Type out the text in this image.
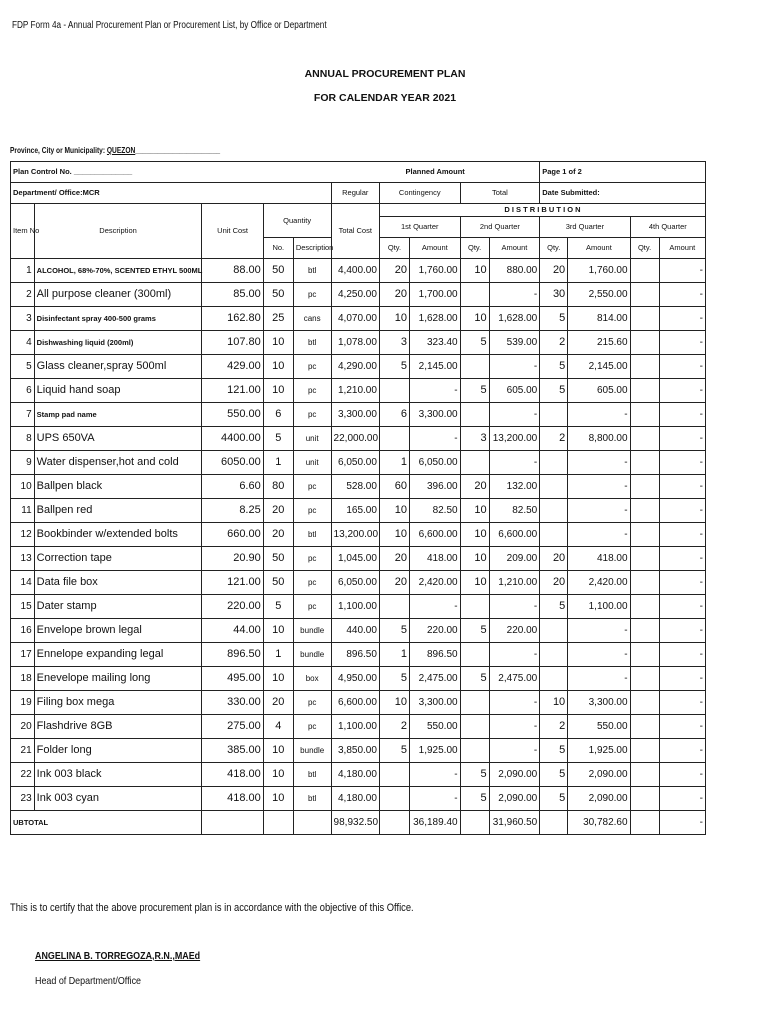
FDP Form 4a - Annual Procurement Plan or Procurement List, by Office or Department
ANNUAL PROCUREMENT PLAN
FOR CALENDAR YEAR 2021
Province, City or Municipality: QUEZON_______________________
Plan Control No. ______________					Planned Amount					Page 1 of 2			
Department/ Office:MCR					Regular	Contingency		Total		Date Submitted:			
Item No	Description	Unit Cost	Quantity		Total Cost	D I S T R I B U T I O N							
						1st Quarter		2nd Quarter		3rd Quarter		4th Quarter	
			No.	Description		Qty.	Amount	Qty.	Amount	Qty.	Amount	Qty.	Amount
1	ALCOHOL, 68%-70%, SCENTED ETHYL 500ML	88.00	50	btl	4,400.00	20	1,760.00	10	880.00	20	1,760.00		-
2	All purpose cleaner (300ml)	85.00	50	pc	4,250.00	20	1,700.00		-	30	2,550.00		-
3	Disinfectant spray 400-500 grams	162.80	25	cans	4,070.00	10	1,628.00	10	1,628.00	5	814.00		-
4	Dishwashing liquid (200ml)	107.80	10	btl	1,078.00	3	323.40	5	539.00	2	215.60		-
5	Glass cleaner,spray 500ml	429.00	10	pc	4,290.00	5	2,145.00		-	5	2,145.00		-
6	Liquid hand soap	121.00	10	pc	1,210.00		-	5	605.00	5	605.00		-
7	Stamp pad name	550.00	6	pc	3,300.00	6	3,300.00		-		-		-
8	UPS 650VA	4400.00	5	unit	22,000.00		-	3	13,200.00	2	8,800.00		-
9	Water dispenser,hot and cold	6050.00	1	unit	6,050.00	1	6,050.00		-		-		-
10	Ballpen black	6.60	80	pc	528.00	60	396.00	20	132.00		-		-
11	Ballpen red	8.25	20	pc	165.00	10	82.50	10	82.50		-		-
12	Bookbinder w/extended bolts	660.00	20	btl	13,200.00	10	6,600.00	10	6,600.00		-		-
13	Correction tape	20.90	50	pc	1,045.00	20	418.00	10	209.00	20	418.00		-
14	Data file box	121.00	50	pc	6,050.00	20	2,420.00	10	1,210.00	20	2,420.00		-
15	Dater stamp	220.00	5	pc	1,100.00		-		-	5	1,100.00		-
16	Envelope brown legal	44.00	10	bundle	440.00	5	220.00	5	220.00		-		-
17	Ennelope expanding legal	896.50	1	bundle	896.50	1	896.50		-		-		-
18	Enevelope mailing long	495.00	10	box	4,950.00	5	2,475.00	5	2,475.00		-		-
19	Filing box mega	330.00	20	pc	6,600.00	10	3,300.00		-	10	3,300.00		-
20	Flashdrive 8GB	275.00	4	pc	1,100.00	2	550.00		-	2	550.00		-
21	Folder long	385.00	10	bundle	3,850.00	5	1,925.00		-	5	1,925.00		-
22	Ink 003 black	418.00	10	btl	4,180.00		-	5	2,090.00	5	2,090.00		-
23	Ink 003 cyan	418.00	10	btl	4,180.00		-	5	2,090.00	5	2,090.00		-
UBTOTAL					98,932.50		36,189.40		31,960.50		30,782.60		-
This is to certify that the above procurement plan is in accordance with the objective of this Office.
ANGELINA B. TORREGOZA,R.N.,MAEd
Head of Department/Office
